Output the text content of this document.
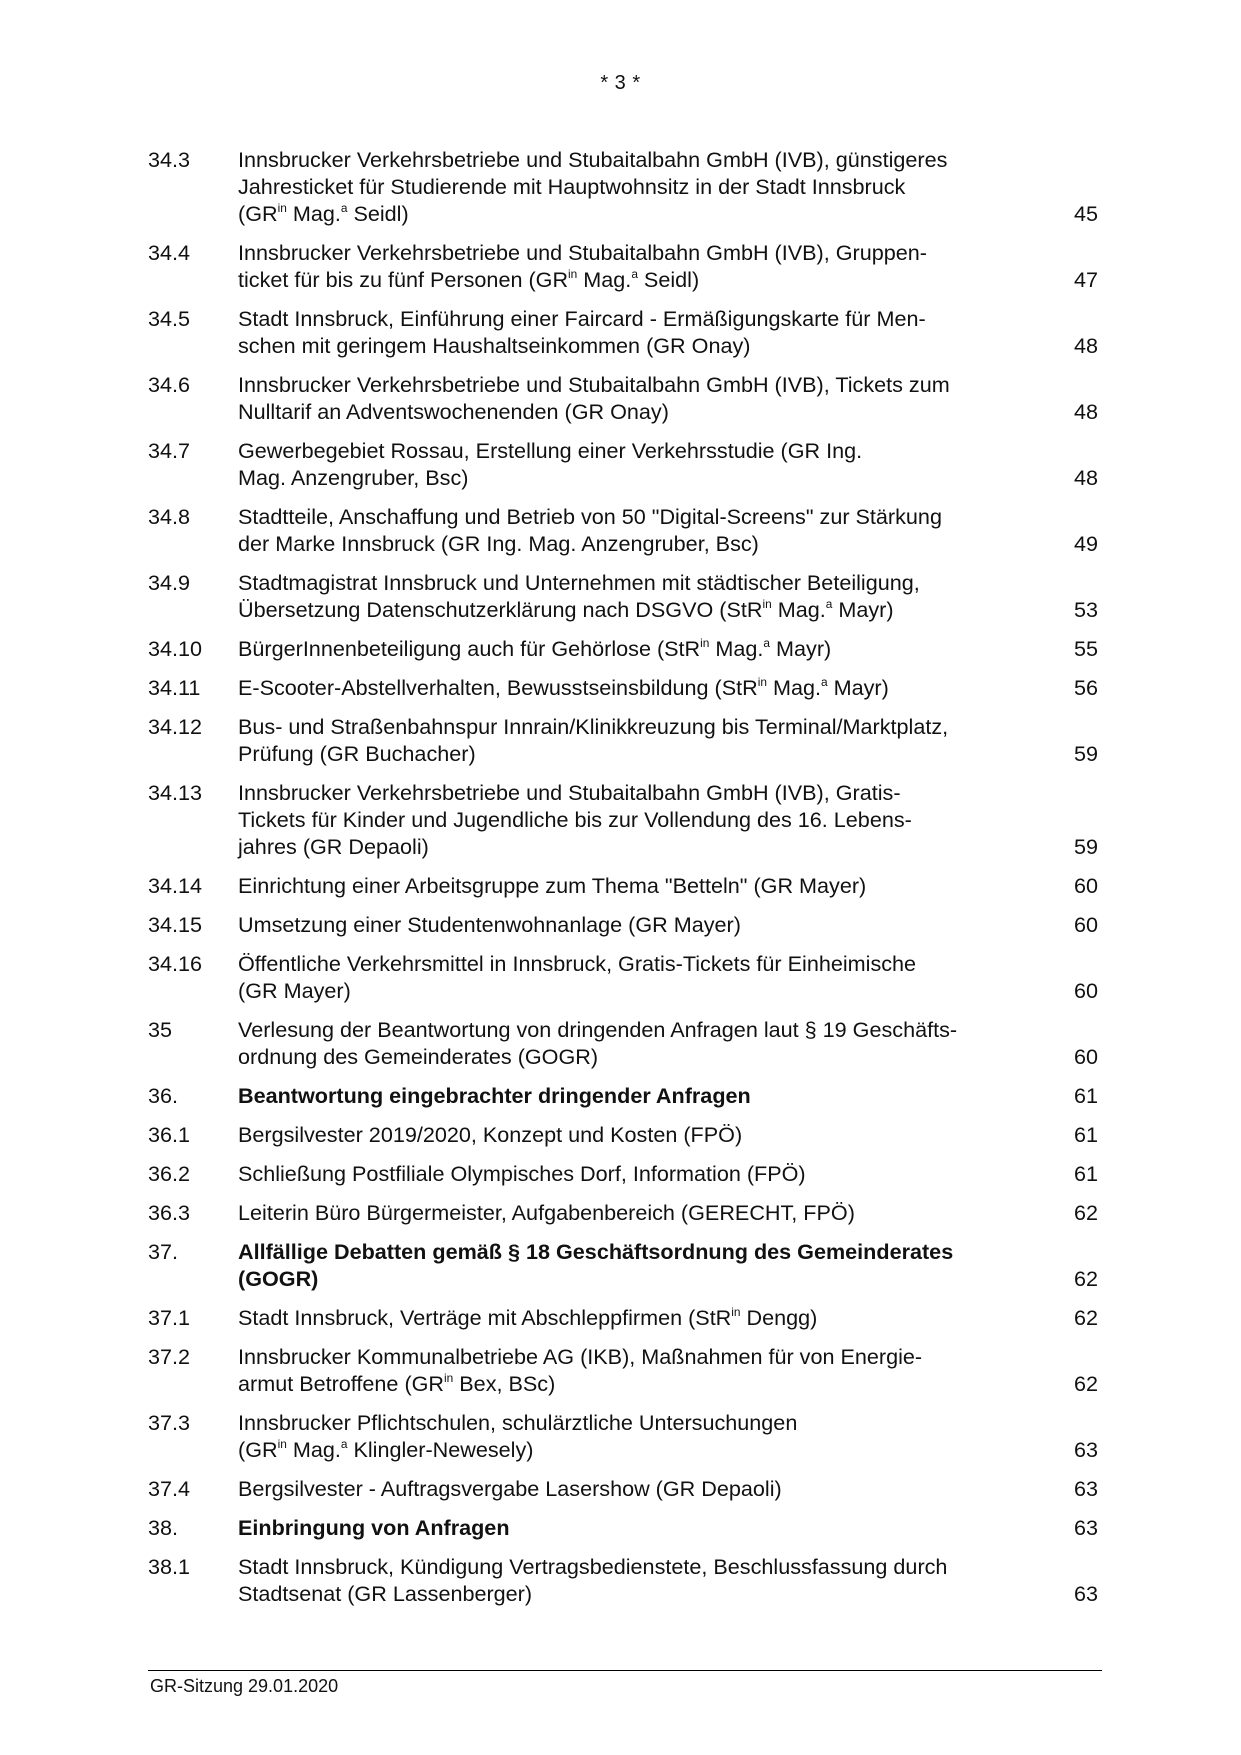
* 3 *
34.3	Innsbrucker Verkehrsbetriebe und Stubaitalbahn GmbH (IVB), günstigeres
Jahresticket für Studierende mit Hauptwohnsitz in der Stadt Innsbruck
($GR^{in}$ Mag.$^a$ Seidl)	45
34.4	Innsbrucker Verkehrsbetriebe und Stubaitalbahn GmbH (IVB), Gruppen-
ticket für bis zu fünf Personen ($GR^{in}$ Mag.$^a$ Seidl)	47
34.5	Stadt Innsbruck, Einführung einer Faircard - Ermäßigungskarte für Men-
schen mit geringem Haushaltseinkommen (GR Onay)	48
34.6	Innsbrucker Verkehrsbetriebe und Stubaitalbahn GmbH (IVB), Tickets zum
Nulltarif an Adventswochenenden (GR Onay)	48
34.7	Gewerbegebiet Rossau, Erstellung einer Verkehrsstudie (GR Ing.
Mag. Anzengruber, Bsc)	48
34.8	Stadtteile, Anschaffung und Betrieb von 50 "Digital-Screens" zur Stärkung
der Marke Innsbruck (GR Ing. Mag. Anzengruber, Bsc)	49
34.9	Stadtmagistrat Innsbruck und Unternehmen mit städtischer Beteiligung,
Übersetzung Datenschutzerklärung nach DSGVO (StR$^{in}$ Mag.$^a$ Mayr)	53
34.10	BürgerInnenbeteiligung auch für Gehörlose (StR$^{in}$ Mag.$^a$ Mayr)	55
34.11	E-Scooter-Abstellverhalten, Bewusstseinsbildung (StR$^{in}$ Mag.$^a$ Mayr)	56
34.12	Bus- und Straßenbahnspur Innrain/Klinikkreuzung bis Terminal/Marktplatz,
Prüfung (GR Buchacher)	59
34.13	Innsbrucker Verkehrsbetriebe und Stubaitalbahn GmbH (IVB), Gratis-
Tickets für Kinder und Jugendliche bis zur Vollendung des 16. Lebens-
jahres (GR Depaoli)	59
34.14	Einrichtung einer Arbeitsgruppe zum Thema "Betteln" (GR Mayer)	60
34.15	Umsetzung einer Studentenwohnanlage (GR Mayer)	60
34.16	Öffentliche Verkehrsmittel in Innsbruck, Gratis-Tickets für Einheimische
(GR Mayer)	60
35	Verlesung der Beantwortung von dringenden Anfragen laut § 19 Geschäfts-
ordnung des Gemeinderates (GOGR)	60
36.	Beantwortung eingebrachter dringender Anfragen	61
36.1	Bergsilvester 2019/2020, Konzept und Kosten (FPÖ)	61
36.2	Schließung Postfiliale Olympisches Dorf, Information (FPÖ)	61
36.3	Leiterin Büro Bürgermeister, Aufgabenbereich (GERECHT, FPÖ)	62
37.	Allfällige Debatten gemäß § 18 Geschäftsordnung des Gemeinderates
(GOGR)	62
37.1	Stadt Innsbruck, Verträge mit Abschleppfirmen (StR$^{in}$ Dengg)	62
37.2	Innsbrucker Kommunalbetriebe AG (IKB), Maßnahmen für von Energie-
armut Betroffene ($GR^{in}$ Bex, BSc)	62
37.3	Innsbrucker Pflichtschulen, schulärztliche Untersuchungen
($GR^{in}$ Mag.$^a$ Klingler-Newesely)	63
37.4	Bergsilvester - Auftragsvergabe Lasershow (GR Depaoli)	63
38.	Einbringung von Anfragen	63
38.1	Stadt Innsbruck, Kündigung Vertragsbedienstete, Beschlussfassung durch
Stadtsenat (GR Lassenberger)	63
GR-Sitzung 29.01.2020
